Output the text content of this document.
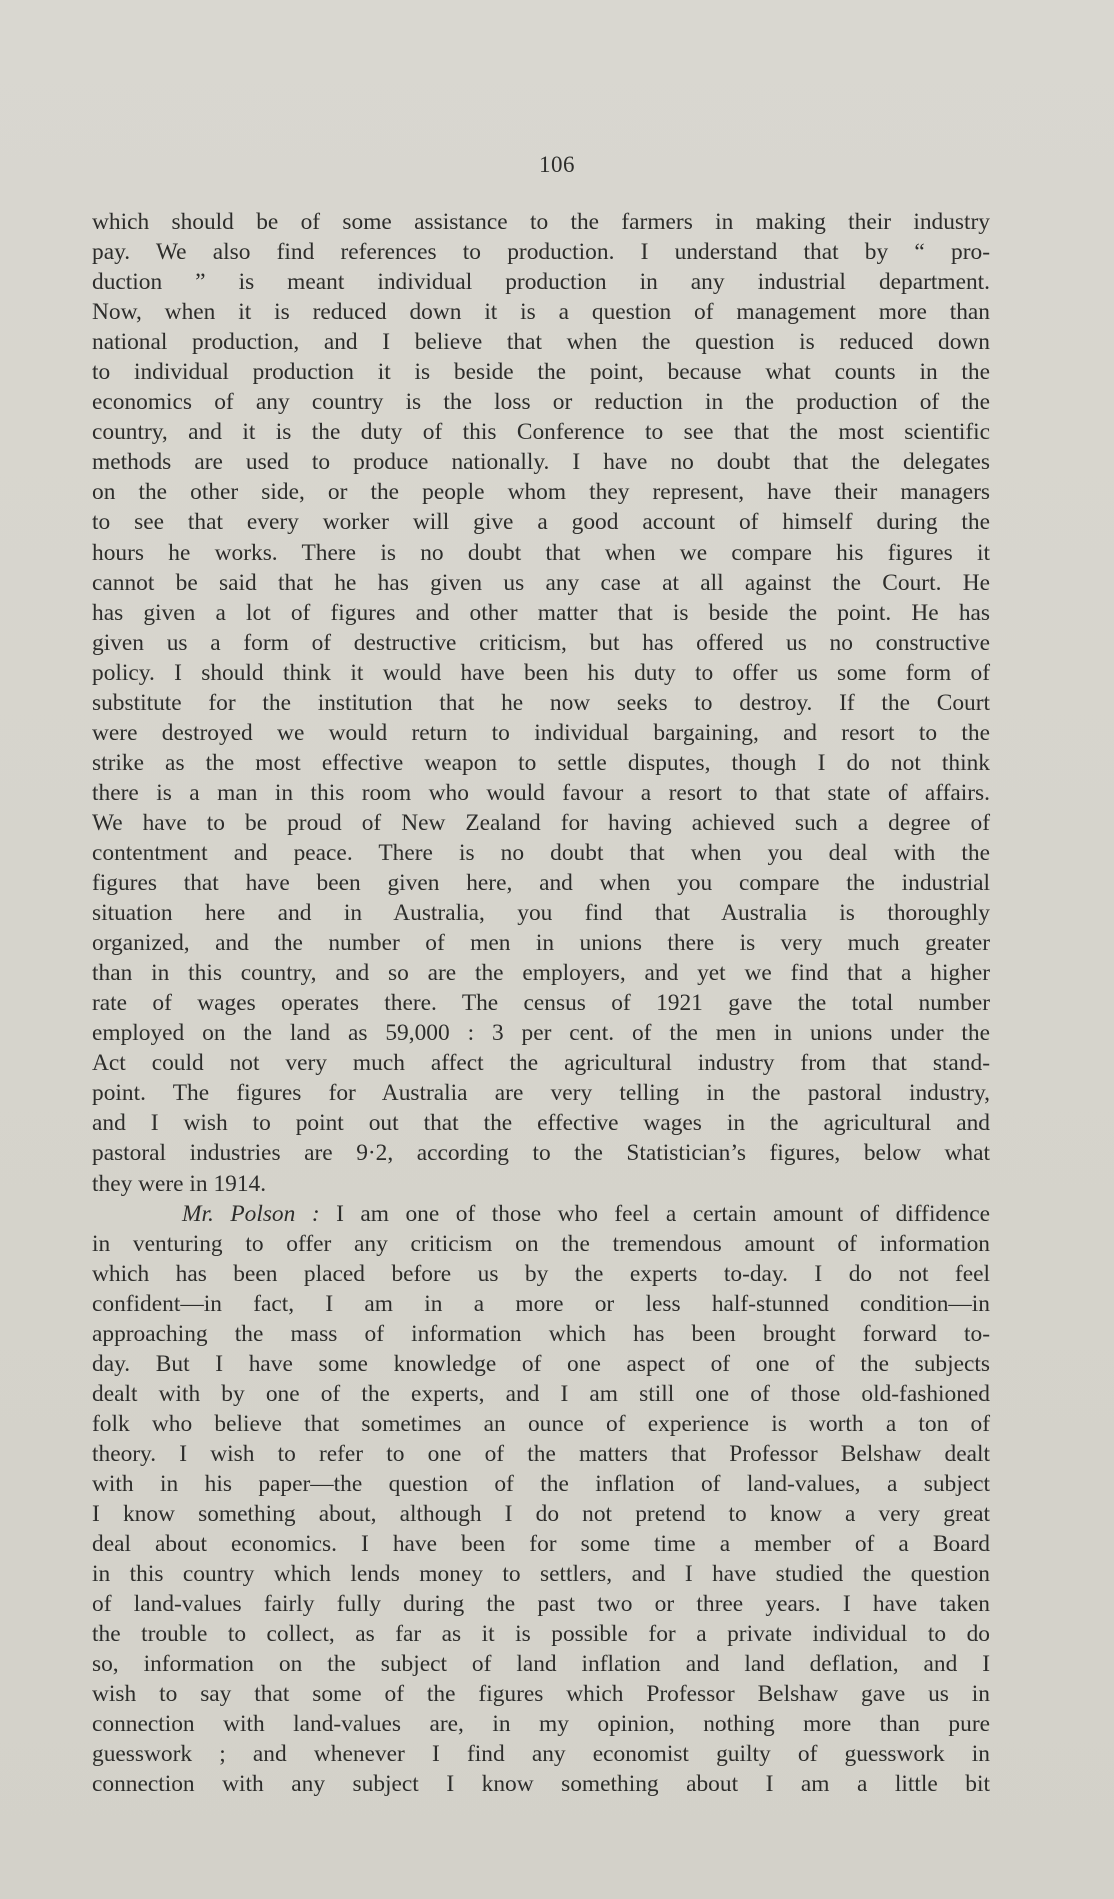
106

which should be of some assistance to the farmers in making their industry

pay. We also find references to production. I understand that by “ pro-

duction ” is meant individual production in any industrial department.

Now, when it is reduced down it is a question of management more than

national production, and I believe that when the question is reduced down

to individual production it is beside the point, because what counts in the

economics of any country is the loss or reduction in the production of the

country, and it is the duty of this Conference to see that the most scientific

methods are used to produce nationally. I have no doubt that the delegates

on the other side, or the people whom they represent, have their managers

to see that every worker will give a good account of himself during the

hours he works. There is no doubt that when we compare his figures it

cannot be said that he has given us any case at all against the Court. He

has given a lot of figures and other matter that is beside the point. He has

given us a form of destructive criticism, but has offered us no constructive

policy. I should think it would have been his duty to offer us some form of

substitute for the institution that he now seeks to destroy. If the Court

were destroyed we would return to individual bargaining, and resort to the

strike as the most effective weapon to settle disputes, though I do not think

there is a man in this room who would favour a resort to that state of affairs.

We have to be proud of New Zealand for having achieved such a degree of

contentment and peace. There is no doubt that when you deal with the

figures that have been given here, and when you compare the industrial

situation here and in Australia, you find that Australia is thoroughly

organized, and the number of men in unions there is very much greater

than in this country, and so are the employers, and yet we find that a higher

rate of wages operates there. The census of 1921 gave the total number

employed on the land as 59,000 : 3 per cent. of the men in unions under the

Act could not very much affect the agricultural industry from that stand-

point. The figures for Australia are very telling in the pastoral industry,

and I wish to point out that the effective wages in the agricultural and

pastoral industries are 9·2, according to the Statistician’s figures, below what

they were in 1914.

Mr. Polson : I am one of those who feel a certain amount of diffidence

in venturing to offer any criticism on the tremendous amount of information

which has been placed before us by the experts to-day. I do not feel

confident—in fact, I am in a more or less half-stunned condition—in

approaching the mass of information which has been brought forward to-

day. But I have some knowledge of one aspect of one of the subjects

dealt with by one of the experts, and I am still one of those old-fashioned

folk who believe that sometimes an ounce of experience is worth a ton of

theory. I wish to refer to one of the matters that Professor Belshaw dealt

with in his paper—the question of the inflation of land-values, a subject

I know something about, although I do not pretend to know a very great

deal about economics. I have been for some time a member of a Board

in this country which lends money to settlers, and I have studied the question

of land-values fairly fully during the past two or three years. I have taken

the trouble to collect, as far as it is possible for a private individual to do

so, information on the subject of land inflation and land deflation, and I

wish to say that some of the figures which Professor Belshaw gave us in

connection with land-values are, in my opinion, nothing more than pure

guesswork ; and whenever I find any economist guilty of guesswork in

connection with any subject I know something about I am a little bit
